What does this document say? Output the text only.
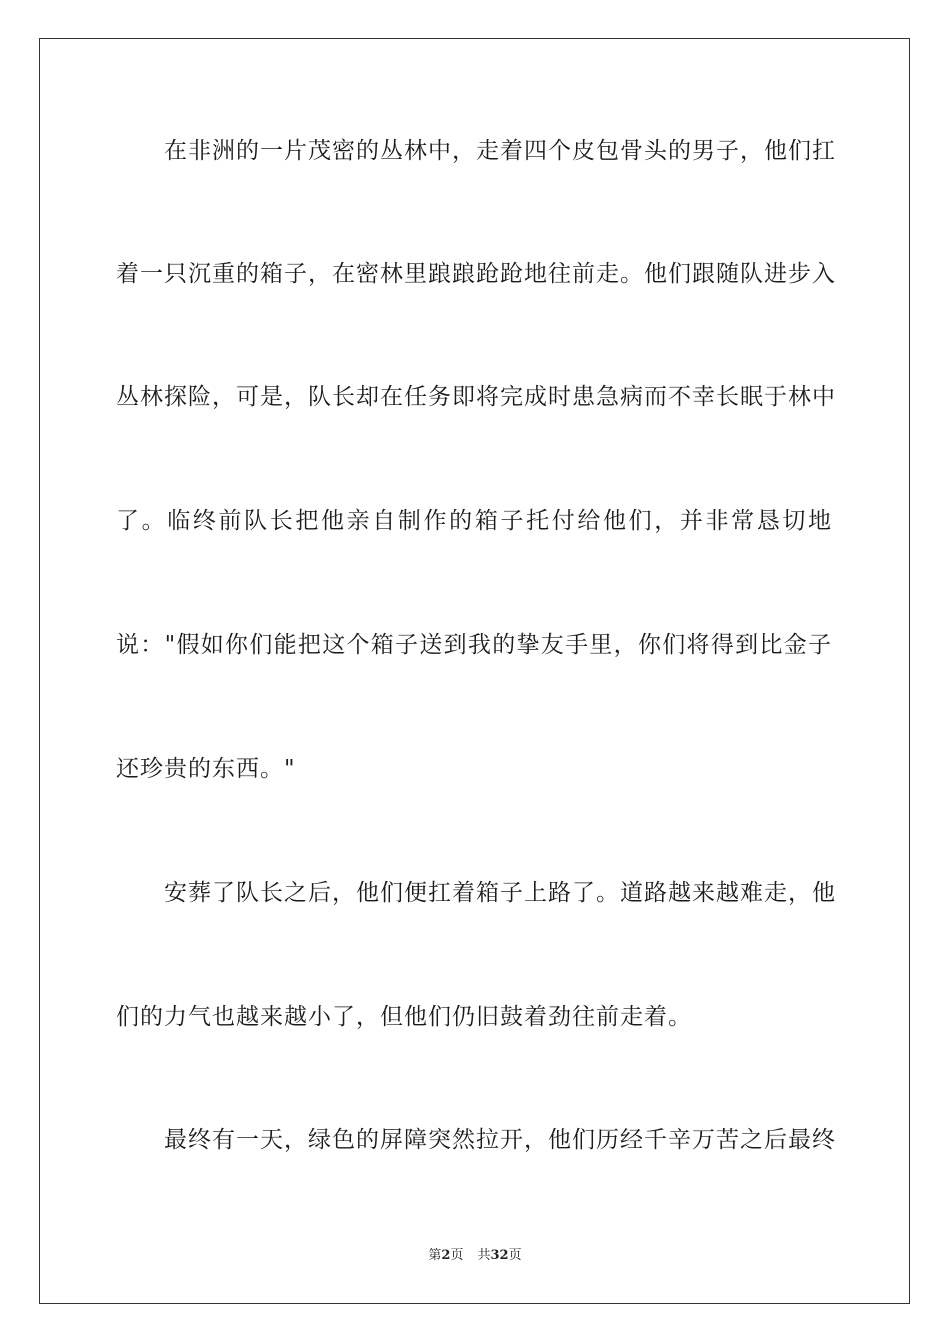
在非洲的一片茂密的丛林中，走着四个皮包骨头的男子，他们扛
着一只沉重的箱子，在密林里踉踉跄跄地往前走。他们跟随队进步入
丛林探险，可是，队长却在任务即将完成时患急病而不幸长眠于林中
了。临终前队长把他亲自制作的箱子托付给他们，并非常恳切地
说："假如你们能把这个箱子送到我的挚友手里，你们将得到比金子
还珍贵的东西。"
安葬了队长之后，他们便扛着箱子上路了。道路越来越难走，他
们的力气也越来越小了，但他们仍旧鼓着劲往前走着。
最终有一天，绿色的屏障突然拉开，他们历经千辛万苦之后最终
第2页 共32页
